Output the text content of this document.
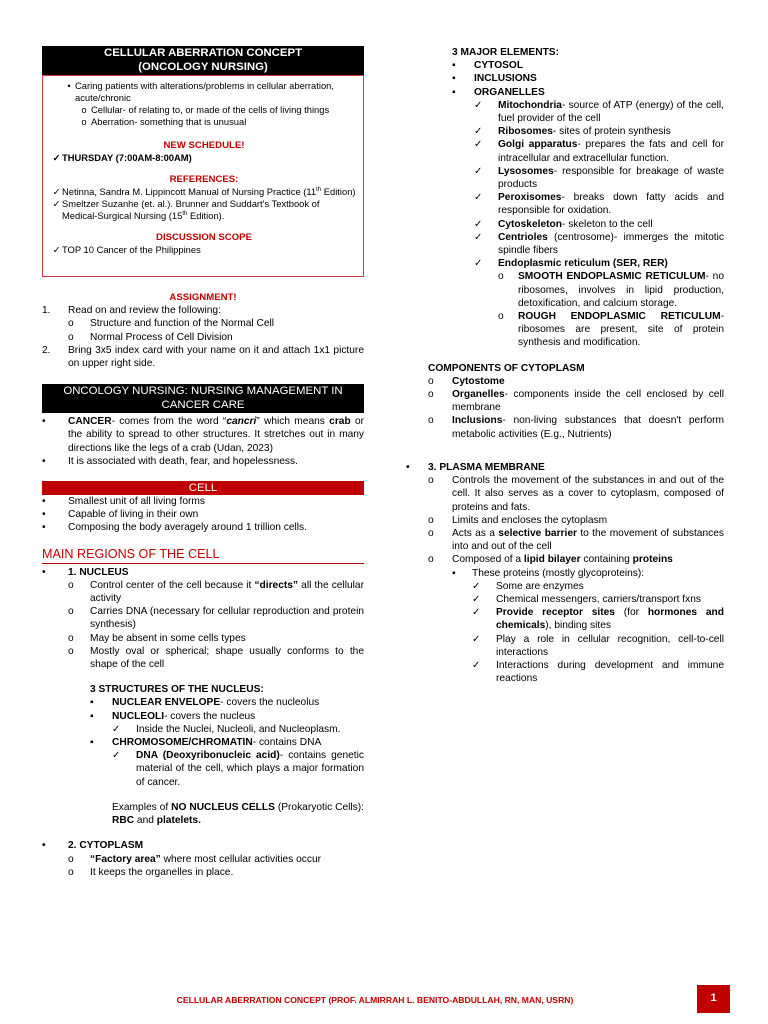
CELLULAR ABERRATION CONCEPT
(ONCOLOGY NURSING)
• Caring patients with alterations/problems in cellular aberration, acute/chronic
o Cellular- of relating to, or made of the cells of living things
o Aberration- something that is unusual
NEW SCHEDULE!
✓ THURSDAY (7:00AM-8:00AM)
REFERENCES:
✓ Netinna, Sandra M. Lippincott Manual of Nursing Practice (11th Edition)
✓ Smeltzer Suzanhe (et. al.). Brunner and Suddart's Textbook of Medical-Surgical Nursing (15th Edition).
DISCUSSION SCOPE
✓ TOP 10 Cancer of the Philippines
ASSIGNMENT!
1.	Read on and review the following:
o	Structure and function of the Normal Cell
o	Normal Process of Cell Division
2.	Bring 3x5 index card with your name on it and attach 1x1 picture on upper right side.
ONCOLOGY NURSING: NURSING MANAGEMENT IN CANCER CARE
•	CANCER- comes from the word “cancri” which means crab or the ability to spread to other structures. It stretches out in many directions like the legs of a crab (Udan, 2023)
•	It is associated with death, fear, and hopelessness.
CELL
•	Smallest unit of all living forms
•	Capable of living in their own
•	Composing the body averagely around 1 trillion cells.
MAIN REGIONS OF THE CELL
•	1. NUCLEUS
o	Control center of the cell because it “directs” all the cellular activity
o	Carries DNA (necessary for cellular reproduction and protein synthesis)
o	May be absent in some cells types
o	Mostly oval or spherical; shape usually conforms to the shape of the cell
3 STRUCTURES OF THE NUCLEUS:
▪	NUCLEAR ENVELOPE- covers the nucleolus
▪	NUCLEOLI- covers the nucleus
✓	Inside the Nuclei, Nucleoli, and Nucleoplasm.
▪	CHROMOSOME/CHROMATIN- contains DNA
✓	DNA (Deoxyribonucleic acid)- contains genetic material of the cell, which plays a major formation of cancer.
Examples of NO NUCLEUS CELLS (Prokaryotic Cells): RBC and platelets.
•	2. CYTOPLASM
o	“Factory area” where most cellular activities occur
o	It keeps the organelles in place.
3 MAJOR ELEMENTS:
▪	CYTOSOL
▪	INCLUSIONS
▪	ORGANELLES
✓	Mitochondria- source of ATP (energy) of the cell, fuel provider of the cell
✓	Ribosomes- sites of protein synthesis
✓	Golgi apparatus- prepares the fats and cell for intracellular and extracellular function.
✓	Lysosomes- responsible for breakage of waste products
✓	Peroxisomes- breaks down fatty acids and responsible for oxidation.
✓	Cytoskeleton- skeleton to the cell
✓	Centrioles (centrosome)- immerges the mitotic spindle fibers
✓	Endoplasmic reticulum (SER, RER)
o	SMOOTH ENDOPLASMIC RETICULUM- no ribosomes, involves in lipid production, detoxification, and calcium storage.
o	ROUGH ENDOPLASMIC RETICULUM- ribosomes are present, site of protein synthesis and modification.
COMPONENTS OF CYTOPLASM
o	Cytostome
o	Organelles- components inside the cell enclosed by cell membrane
o	Inclusions- non-living substances that doesn't perform metabolic activities (E.g., Nutrients)
•	3. PLASMA MEMBRANE
o	Controls the movement of the substances in and out of the cell. It also serves as a cover to cytoplasm, composed of proteins and fats.
o	Limits and encloses the cytoplasm
o	Acts as a selective barrier to the movement of substances into and out of the cell
o	Composed of a lipid bilayer containing proteins
▪	These proteins (mostly glycoproteins):
✓	Some are enzymes
✓	Chemical messengers, carriers/transport fxns
✓	Provide receptor sites (for hormones and chemicals), binding sites
✓	Play a role in cellular recognition, cell-to-cell interactions
✓	Interactions during development and immune reactions
CELLULAR ABERRATION CONCEPT (PROF. ALMIRRAH L. BENITO-ABDULLAH, RN, MAN, USRN)	1
